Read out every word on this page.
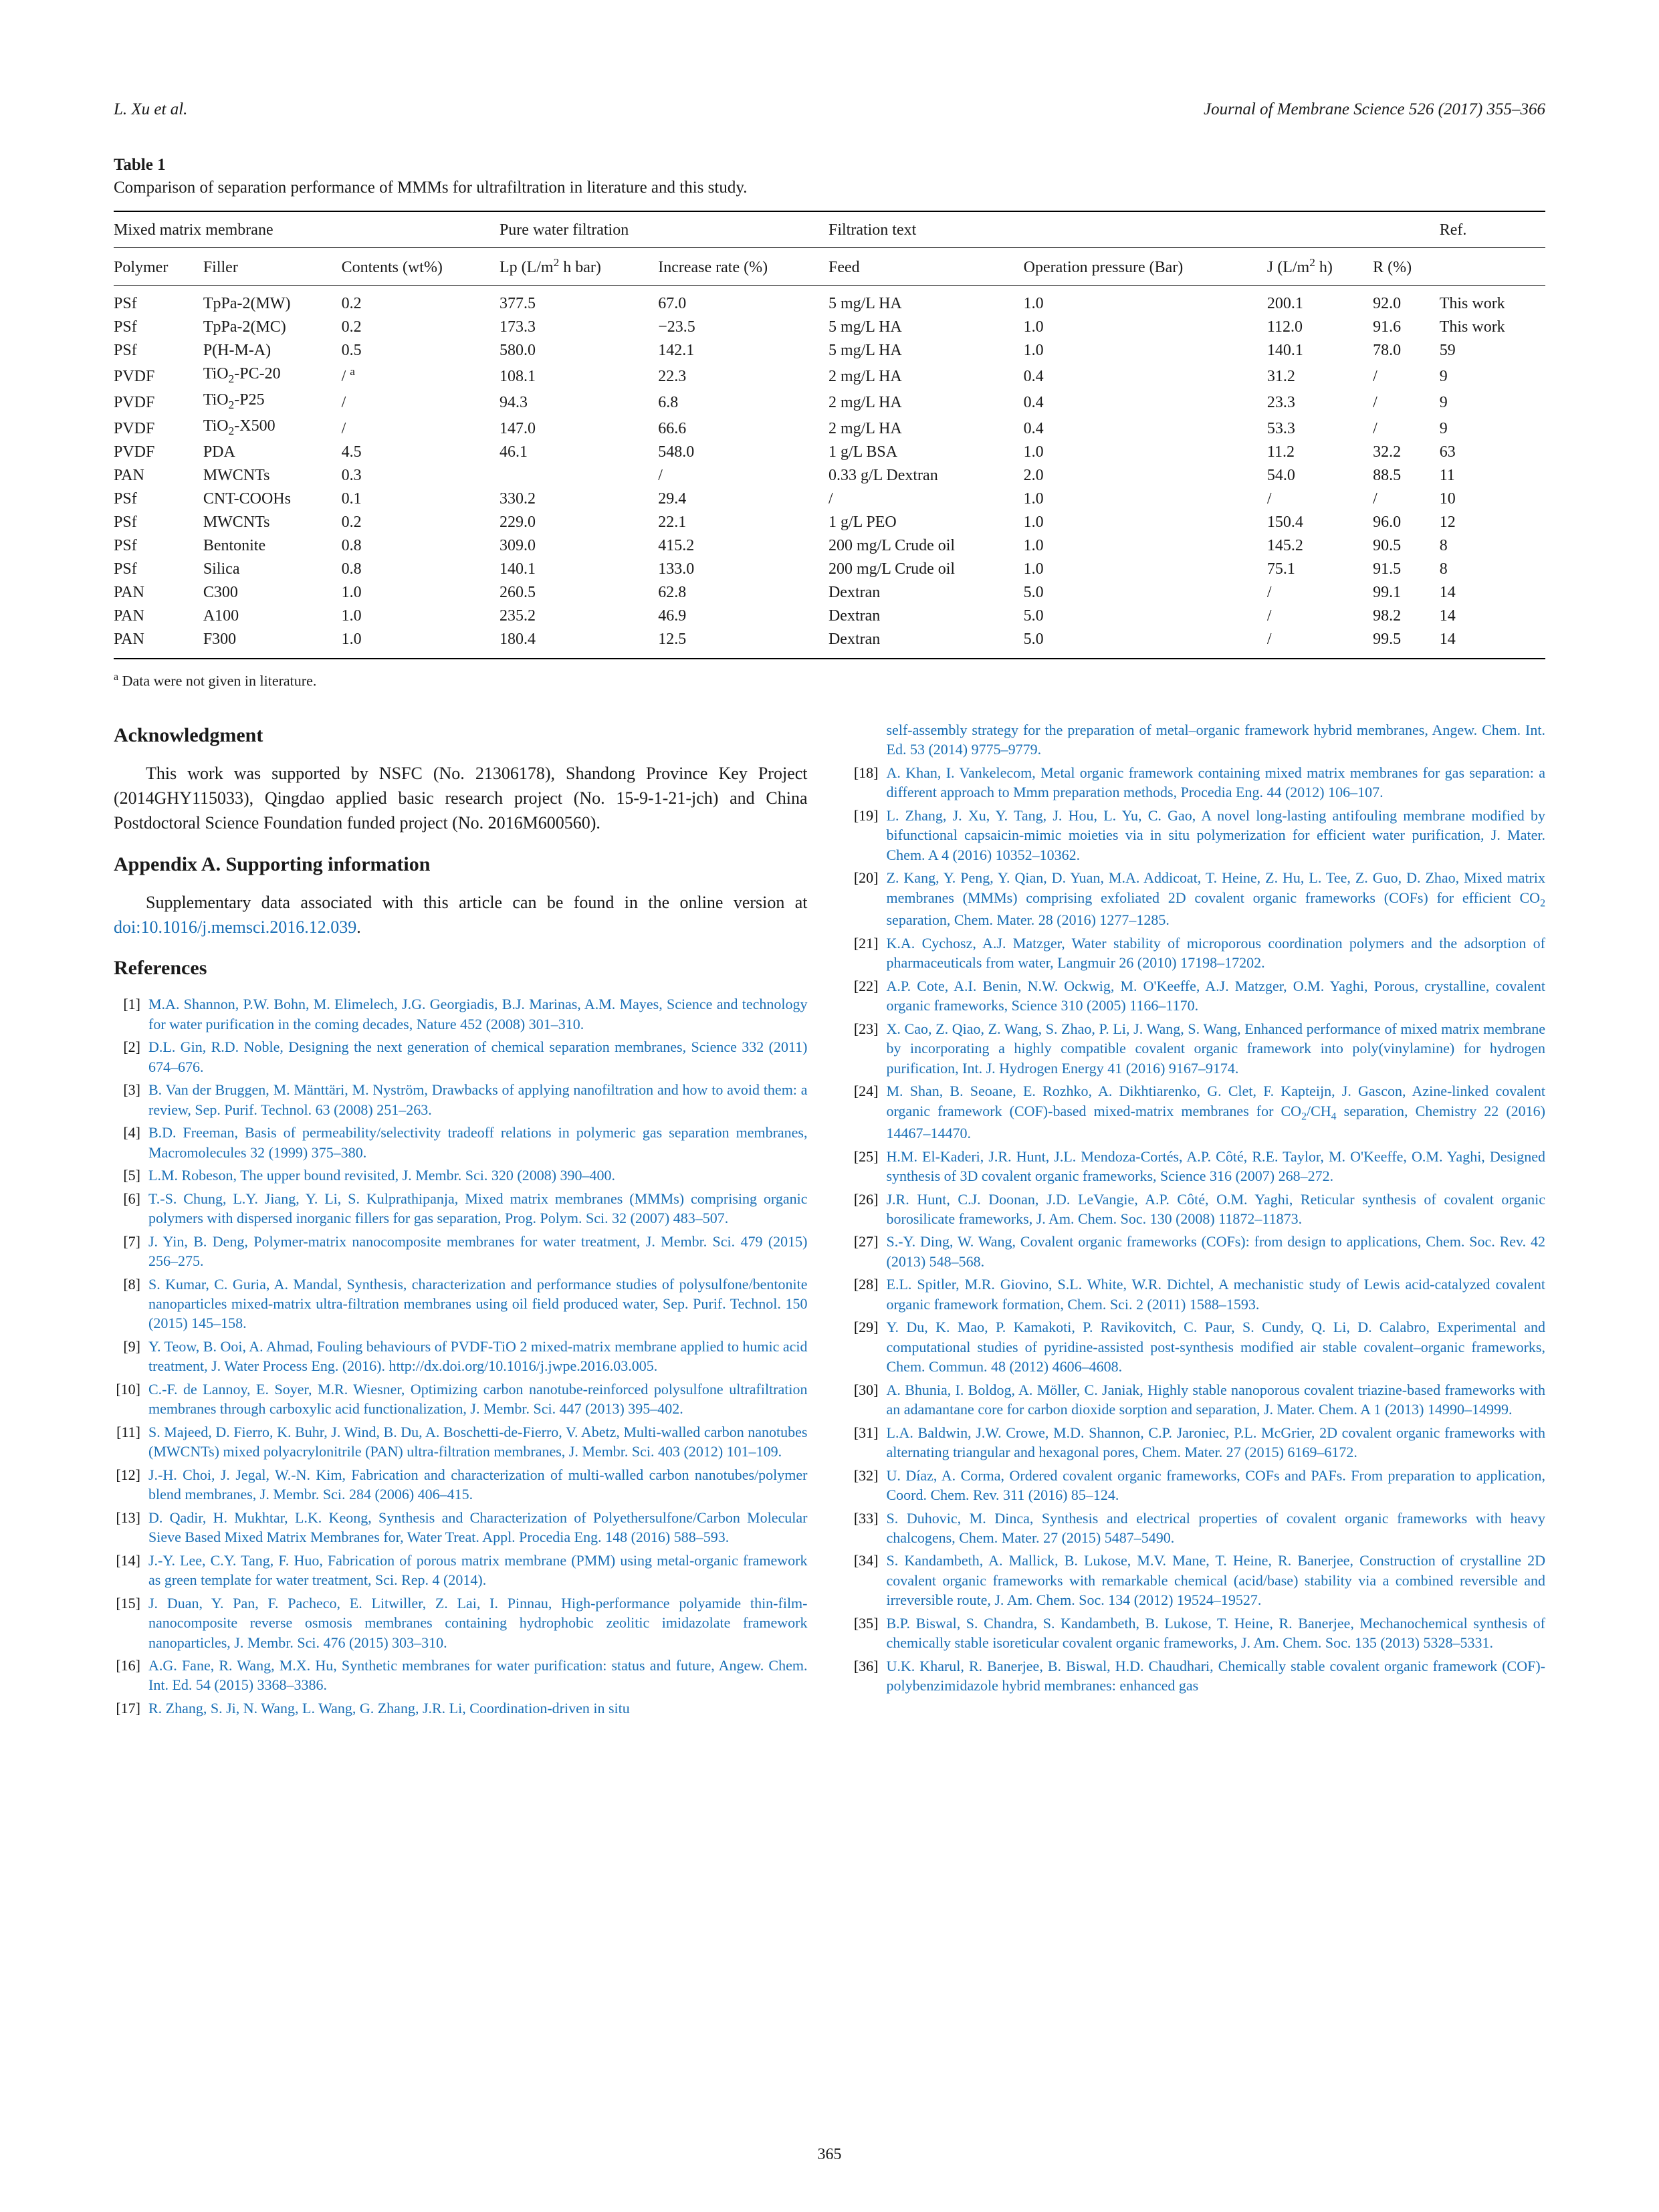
L. Xu et al.	Journal of Membrane Science 526 (2017) 355–366
Table 1
Comparison of separation performance of MMMs for ultrafiltration in literature and this study.
Mixed matrix membrane			Pure water filtration		Filtration text				Ref.
Polymer	Filler	Contents (wt%)	Lp ($L/m^2$ h bar)	Increase rate (%)	Feed	Operation pressure (Bar)	J ($L/m^2$ h)	R (%)	
PSf	TpPa-2(MW)	0.2	377.5	67.0	5 mg/L HA	1.0	200.1	92.0	This work
PSf	TpPa-2(MC)	0.2	173.3	−23.5	5 mg/L HA	1.0	112.0	91.6	This work
PSf	P(H-M-A)	0.5	580.0	142.1	5 mg/L HA	1.0	140.1	78.0	59
PVDF	TiO$_2$-PC-20	/ $^a$	108.1	22.3	2 mg/L HA	0.4	31.2	/	9
PVDF	TiO$_2$-P25	/	94.3	6.8	2 mg/L HA	0.4	23.3	/	9
PVDF	TiO$_2$-X500	/	147.0	66.6	2 mg/L HA	0.4	53.3	/	9
PVDF	PDA	4.5	46.1	548.0	1 g/L BSA	1.0	11.2	32.2	63
PAN	MWCNTs	0.3		/	0.33 g/L Dextran	2.0	54.0	88.5	11
PSf	CNT-COOHs	0.1	330.2	29.4	/	1.0	/	/	10
PSf	MWCNTs	0.2	229.0	22.1	1 g/L PEO	1.0	150.4	96.0	12
PSf	Bentonite	0.8	309.0	415.2	200 mg/L Crude oil	1.0	145.2	90.5	8
PSf	Silica	0.8	140.1	133.0	200 mg/L Crude oil	1.0	75.1	91.5	8
PAN	C300	1.0	260.5	62.8	Dextran	5.0	/	99.1	14
PAN	A100	1.0	235.2	46.9	Dextran	5.0	/	98.2	14
PAN	F300	1.0	180.4	12.5	Dextran	5.0	/	99.5	14
$^a$ Data were not given in literature.
Acknowledgment

This work was supported by NSFC (No. 21306178), Shandong Province Key Project (2014GHY115033), Qingdao applied basic research project (No. 15-9-1-21-jch) and China Postdoctoral Science Foundation funded project (No. 2016M600560).

Appendix A. Supporting information

Supplementary data associated with this article can be found in the online version at doi:10.1016/j.memsci.2016.12.039.

References
[1] M.A. Shannon, P.W. Bohn, M. Elimelech, J.G. Georgiadis, B.J. Marinas, A.M. Mayes, Science and technology for water purification in the coming decades, Nature 452 (2008) 301–310.
[2] D.L. Gin, R.D. Noble, Designing the next generation of chemical separation membranes, Science 332 (2011) 674–676.
[3] B. Van der Bruggen, M. Mänttäri, M. Nyström, Drawbacks of applying nanofiltration and how to avoid them: a review, Sep. Purif. Technol. 63 (2008) 251–263.
[4] B.D. Freeman, Basis of permeability/selectivity tradeoff relations in polymeric gas separation membranes, Macromolecules 32 (1999) 375–380.
[5] L.M. Robeson, The upper bound revisited, J. Membr. Sci. 320 (2008) 390–400.
[6] T.-S. Chung, L.Y. Jiang, Y. Li, S. Kulprathipanja, Mixed matrix membranes (MMMs) comprising organic polymers with dispersed inorganic fillers for gas separation, Prog. Polym. Sci. 32 (2007) 483–507.
[7] J. Yin, B. Deng, Polymer-matrix nanocomposite membranes for water treatment, J. Membr. Sci. 479 (2015) 256–275.
[8] S. Kumar, C. Guria, A. Mandal, Synthesis, characterization and performance studies of polysulfone/bentonite nanoparticles mixed-matrix ultra-filtration membranes using oil field produced water, Sep. Purif. Technol. 150 (2015) 145–158.
[9] Y. Teow, B. Ooi, A. Ahmad, Fouling behaviours of PVDF-TiO 2 mixed-matrix membrane applied to humic acid treatment, J. Water Process Eng. (2016). http://dx.doi.org/10.1016/j.jwpe.2016.03.005.
[10] C.-F. de Lannoy, E. Soyer, M.R. Wiesner, Optimizing carbon nanotube-reinforced polysulfone ultrafiltration membranes through carboxylic acid functionalization, J. Membr. Sci. 447 (2013) 395–402.
[11] S. Majeed, D. Fierro, K. Buhr, J. Wind, B. Du, A. Boschetti-de-Fierro, V. Abetz, Multi-walled carbon nanotubes (MWCNTs) mixed polyacrylonitrile (PAN) ultra-filtration membranes, J. Membr. Sci. 403 (2012) 101–109.
[12] J.-H. Choi, J. Jegal, W.-N. Kim, Fabrication and characterization of multi-walled carbon nanotubes/polymer blend membranes, J. Membr. Sci. 284 (2006) 406–415.
[13] D. Qadir, H. Mukhtar, L.K. Keong, Synthesis and Characterization of Polyethersulfone/Carbon Molecular Sieve Based Mixed Matrix Membranes for, Water Treat. Appl. Procedia Eng. 148 (2016) 588–593.
[14] J.-Y. Lee, C.Y. Tang, F. Huo, Fabrication of porous matrix membrane (PMM) using metal-organic framework as green template for water treatment, Sci. Rep. 4 (2014).
[15] J. Duan, Y. Pan, F. Pacheco, E. Litwiller, Z. Lai, I. Pinnau, High-performance polyamide thin-film-nanocomposite reverse osmosis membranes containing hydrophobic zeolitic imidazolate framework nanoparticles, J. Membr. Sci. 476 (2015) 303–310.
[16] A.G. Fane, R. Wang, M.X. Hu, Synthetic membranes for water purification: status and future, Angew. Chem. Int. Ed. 54 (2015) 3368–3386.
[17] R. Zhang, S. Ji, N. Wang, L. Wang, G. Zhang, J.R. Li, Coordination-driven in situ
self-assembly strategy for the preparation of metal–organic framework hybrid membranes, Angew. Chem. Int. Ed. 53 (2014) 9775–9779.
[18] A. Khan, I. Vankelecom, Metal organic framework containing mixed matrix membranes for gas separation: a different approach to Mmm preparation methods, Procedia Eng. 44 (2012) 106–107.
[19] L. Zhang, J. Xu, Y. Tang, J. Hou, L. Yu, C. Gao, A novel long-lasting antifouling membrane modified by bifunctional capsaicin-mimic moieties via in situ polymerization for efficient water purification, J. Mater. Chem. A 4 (2016) 10352–10362.
[20] Z. Kang, Y. Peng, Y. Qian, D. Yuan, M.A. Addicoat, T. Heine, Z. Hu, L. Tee, Z. Guo, D. Zhao, Mixed matrix membranes (MMMs) comprising exfoliated 2D covalent organic frameworks (COFs) for efficient $CO_2$ separation, Chem. Mater. 28 (2016) 1277–1285.
[21] K.A. Cychosz, A.J. Matzger, Water stability of microporous coordination polymers and the adsorption of pharmaceuticals from water, Langmuir 26 (2010) 17198–17202.
[22] A.P. Cote, A.I. Benin, N.W. Ockwig, M. O'Keeffe, A.J. Matzger, O.M. Yaghi, Porous, crystalline, covalent organic frameworks, Science 310 (2005) 1166–1170.
[23] X. Cao, Z. Qiao, Z. Wang, S. Zhao, P. Li, J. Wang, S. Wang, Enhanced performance of mixed matrix membrane by incorporating a highly compatible covalent organic framework into poly(vinylamine) for hydrogen purification, Int. J. Hydrogen Energy 41 (2016) 9167–9174.
[24] M. Shan, B. Seoane, E. Rozhko, A. Dikhtiarenko, G. Clet, F. Kapteijn, J. Gascon, Azine-linked covalent organic framework (COF)-based mixed-matrix membranes for $CO_2/CH_4$ separation, Chemistry 22 (2016) 14467–14470.
[25] H.M. El-Kaderi, J.R. Hunt, J.L. Mendoza-Cortés, A.P. Côté, R.E. Taylor, M. O'Keeffe, O.M. Yaghi, Designed synthesis of 3D covalent organic frameworks, Science 316 (2007) 268–272.
[26] J.R. Hunt, C.J. Doonan, J.D. LeVangie, A.P. Côté, O.M. Yaghi, Reticular synthesis of covalent organic borosilicate frameworks, J. Am. Chem. Soc. 130 (2008) 11872–11873.
[27] S.-Y. Ding, W. Wang, Covalent organic frameworks (COFs): from design to applications, Chem. Soc. Rev. 42 (2013) 548–568.
[28] E.L. Spitler, M.R. Giovino, S.L. White, W.R. Dichtel, A mechanistic study of Lewis acid-catalyzed covalent organic framework formation, Chem. Sci. 2 (2011) 1588–1593.
[29] Y. Du, K. Mao, P. Kamakoti, P. Ravikovitch, C. Paur, S. Cundy, Q. Li, D. Calabro, Experimental and computational studies of pyridine-assisted post-synthesis modified air stable covalent–organic frameworks, Chem. Commun. 48 (2012) 4606–4608.
[30] A. Bhunia, I. Boldog, A. Möller, C. Janiak, Highly stable nanoporous covalent triazine-based frameworks with an adamantane core for carbon dioxide sorption and separation, J. Mater. Chem. A 1 (2013) 14990–14999.
[31] L.A. Baldwin, J.W. Crowe, M.D. Shannon, C.P. Jaroniec, P.L. McGrier, 2D covalent organic frameworks with alternating triangular and hexagonal pores, Chem. Mater. 27 (2015) 6169–6172.
[32] U. Díaz, A. Corma, Ordered covalent organic frameworks, COFs and PAFs. From preparation to application, Coord. Chem. Rev. 311 (2016) 85–124.
[33] S. Duhovic, M. Dinca, Synthesis and electrical properties of covalent organic frameworks with heavy chalcogens, Chem. Mater. 27 (2015) 5487–5490.
[34] S. Kandambeth, A. Mallick, B. Lukose, M.V. Mane, T. Heine, R. Banerjee, Construction of crystalline 2D covalent organic frameworks with remarkable chemical (acid/base) stability via a combined reversible and irreversible route, J. Am. Chem. Soc. 134 (2012) 19524–19527.
[35] B.P. Biswal, S. Chandra, S. Kandambeth, B. Lukose, T. Heine, R. Banerjee, Mechanochemical synthesis of chemically stable isoreticular covalent organic frameworks, J. Am. Chem. Soc. 135 (2013) 5328–5331.
[36] U.K. Kharul, R. Banerjee, B. Biswal, H.D. Chaudhari, Chemically stable covalent organic framework (COF)-polybenzimidazole hybrid membranes: enhanced gas
365
